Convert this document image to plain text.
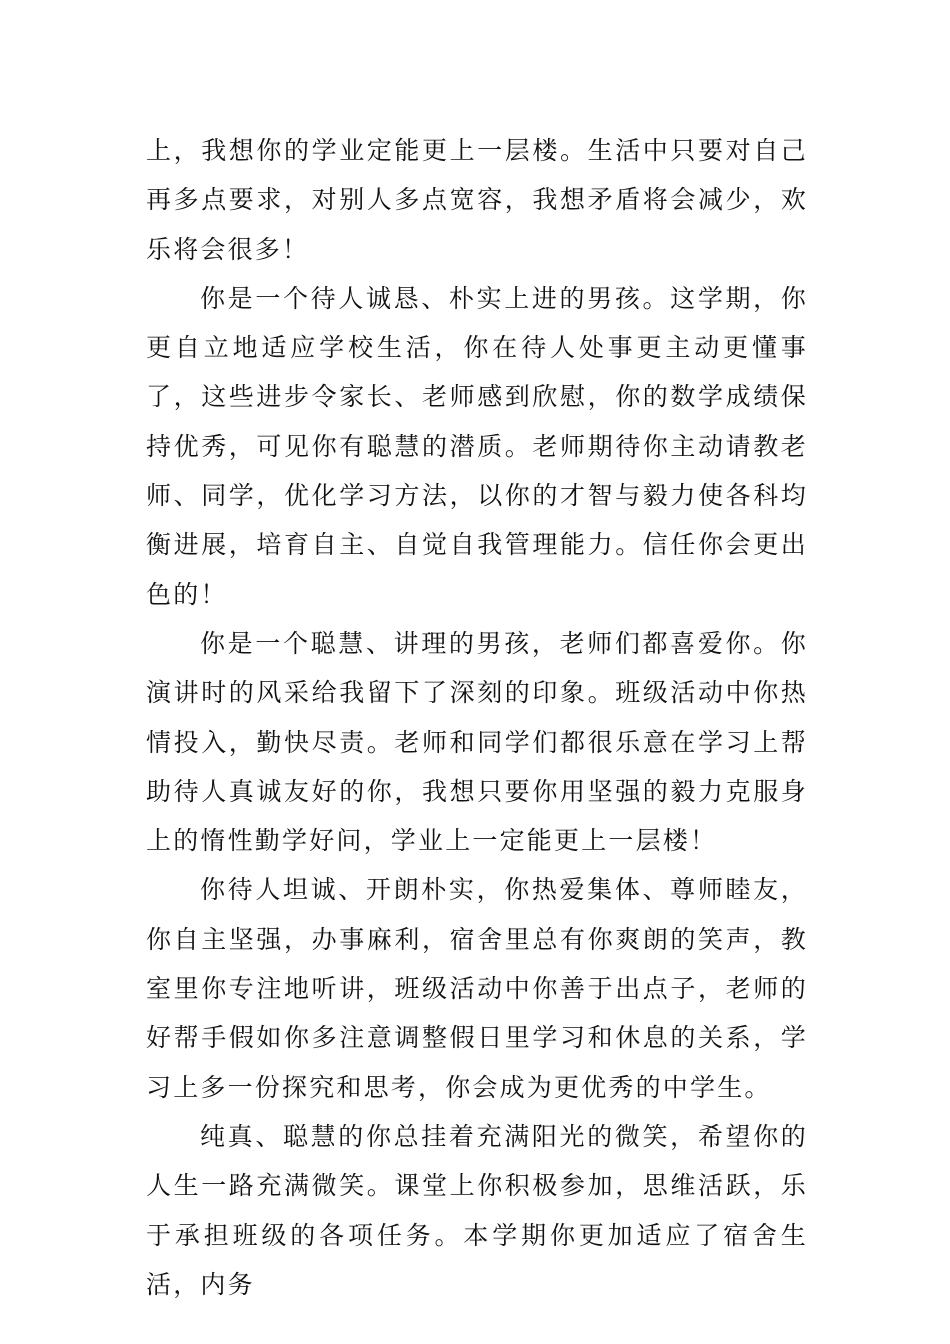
上，我想你的学业定能更上一层楼。生活中只要对自己再多点要求，对别人多点宽容，我想矛盾将会减少，欢乐将会很多！

你是一个待人诚恳、朴实上进的男孩。这学期，你更自立地适应学校生活，你在待人处事更主动更懂事了，这些进步令家长、老师感到欣慰，你的数学成绩保持优秀，可见你有聪慧的潜质。老师期待你主动请教老师、同学，优化学习方法，以你的才智与毅力使各科均衡进展，培育自主、自觉自我管理能力。信任你会更出色的！

你是一个聪慧、讲理的男孩，老师们都喜爱你。你演讲时的风采给我留下了深刻的印象。班级活动中你热情投入，勤快尽责。老师和同学们都很乐意在学习上帮助待人真诚友好的你，我想只要你用坚强的毅力克服身上的惰性勤学好问，学业上一定能更上一层楼！

你待人坦诚、开朗朴实，你热爱集体、尊师睦友，你自主坚强，办事麻利，宿舍里总有你爽朗的笑声，教室里你专注地听讲，班级活动中你善于出点子，老师的好帮手假如你多注意调整假日里学习和休息的关系，学习上多一份探究和思考，你会成为更优秀的中学生。

纯真、聪慧的你总挂着充满阳光的微笑，希望你的人生一路充满微笑。课堂上你积极参加，思维活跃，乐于承担班级的各项任务。本学期你更加适应了宿舍生活，内务
